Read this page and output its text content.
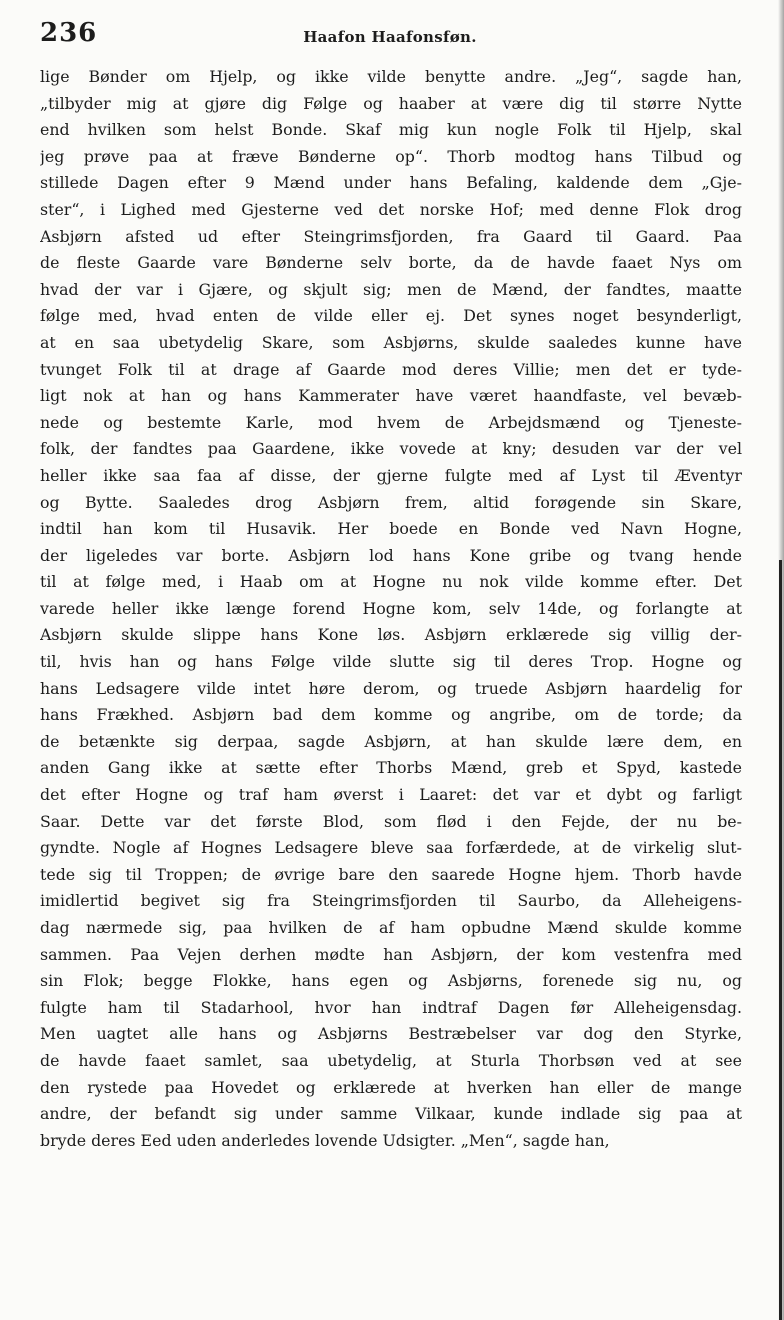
236	Haafon Haafonsføn.
lige Bønder om Hjelp, og ikke vilde benytte andre. „Jeg“, sagde han,
„tilbyder mig at gjøre dig Følge og haaber at være dig til større Nytte
end hvilken som helst Bonde. Skaf mig kun nogle Folk til Hjelp, skal
jeg prøve paa at fræve Bønderne op“. Thorb modtog hans Tilbud og
stillede Dagen efter 9 Mænd under hans Befaling, kaldende dem „Gje-
ster“, i Lighed med Gjesterne ved det norske Hof; med denne Flok drog
Asbjørn afsted ud efter Steingrimsfjorden, fra Gaard til Gaard. Paa
de fleste Gaarde vare Bønderne selv borte, da de havde faaet Nys om
hvad der var i Gjære, og skjult sig; men de Mænd, der fandtes, maatte
følge med, hvad enten de vilde eller ej. Det synes noget besynderligt,
at en saa ubetydelig Skare, som Asbjørns, skulde saaledes kunne have
tvunget Folk til at drage af Gaarde mod deres Villie; men det er tyde-
ligt nok at han og hans Kammerater have været haandfaste, vel bevæb-
nede og bestemte Karle, mod hvem de Arbejdsmænd og Tjeneste-
folk, der fandtes paa Gaardene, ikke vovede at kny; desuden var der vel
heller ikke saa faa af disse, der gjerne fulgte med af Lyst til Æventyr
og Bytte. Saaledes drog Asbjørn frem, altid forøgende sin Skare,
indtil han kom til Husavik. Her boede en Bonde ved Navn Hogne,
der ligeledes var borte. Asbjørn lod hans Kone gribe og tvang hende
til at følge med, i Haab om at Hogne nu nok vilde komme efter. Det
varede heller ikke længe forend Hogne kom, selv 14de, og forlangte at
Asbjørn skulde slippe hans Kone løs. Asbjørn erklærede sig villig der-
til, hvis han og hans Følge vilde slutte sig til deres Trop. Hogne og
hans Ledsagere vilde intet høre derom, og truede Asbjørn haardelig for
hans Frækhed. Asbjørn bad dem komme og angribe, om de torde; da
de betænkte sig derpaa, sagde Asbjørn, at han skulde lære dem, en
anden Gang ikke at sætte efter Thorbs Mænd, greb et Spyd, kastede
det efter Hogne og traf ham øverst i Laaret: det var et dybt og farligt
Saar. Dette var det første Blod, som flød i den Fejde, der nu be-
gyndte. Nogle af Hognes Ledsagere bleve saa forfærdede, at de virkelig slut-
tede sig til Troppen; de øvrige bare den saarede Hogne hjem. Thorb havde
imidlertid begivet sig fra Steingrimsfjorden til Saurbo, da Alleheigens-
dag nærmede sig, paa hvilken de af ham opbudne Mænd skulde komme
sammen. Paa Vejen derhen mødte han Asbjørn, der kom vestenfra med
sin Flok; begge Flokke, hans egen og Asbjørns, forenede sig nu, og
fulgte ham til Stadarhool, hvor han indtraf Dagen før Alleheigensdag.
Men uagtet alle hans og Asbjørns Bestræbelser var dog den Styrke,
de havde faaet samlet, saa ubetydelig, at Sturla Thorbsøn ved at see
den rystede paa Hovedet og erklærede at hverken han eller de mange
andre, der befandt sig under samme Vilkaar, kunde indlade sig paa at
bryde deres Eed uden anderledes lovende Udsigter. „Men“, sagde han,
